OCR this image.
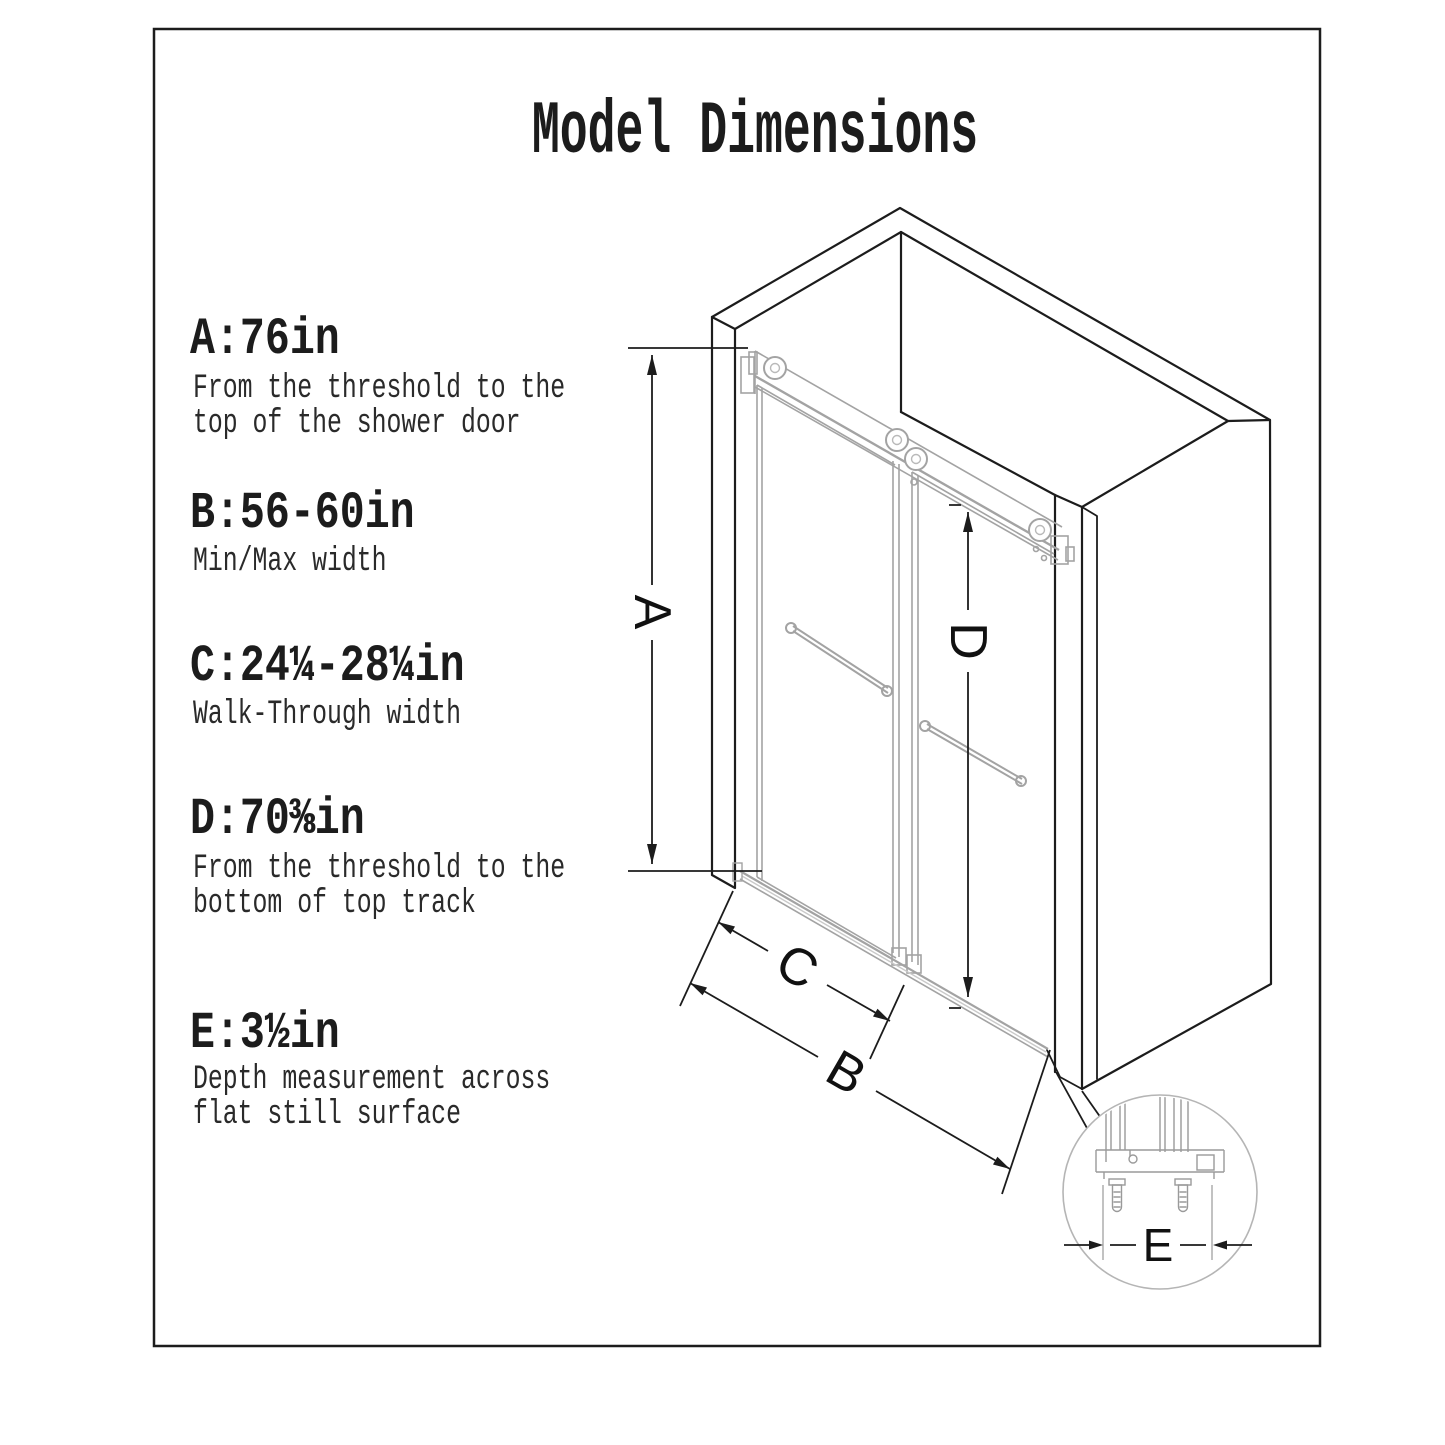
Model Dimensions
A:76in
From the threshold to the
top of the shower door
B:56-60in
Min/Max width
C:24¼-28¼in
Walk-Through width
D:70⅜in
From the threshold to the
bottom of top track
E:3½in
Depth measurement across
flat still surface
A
D
C
B
E
